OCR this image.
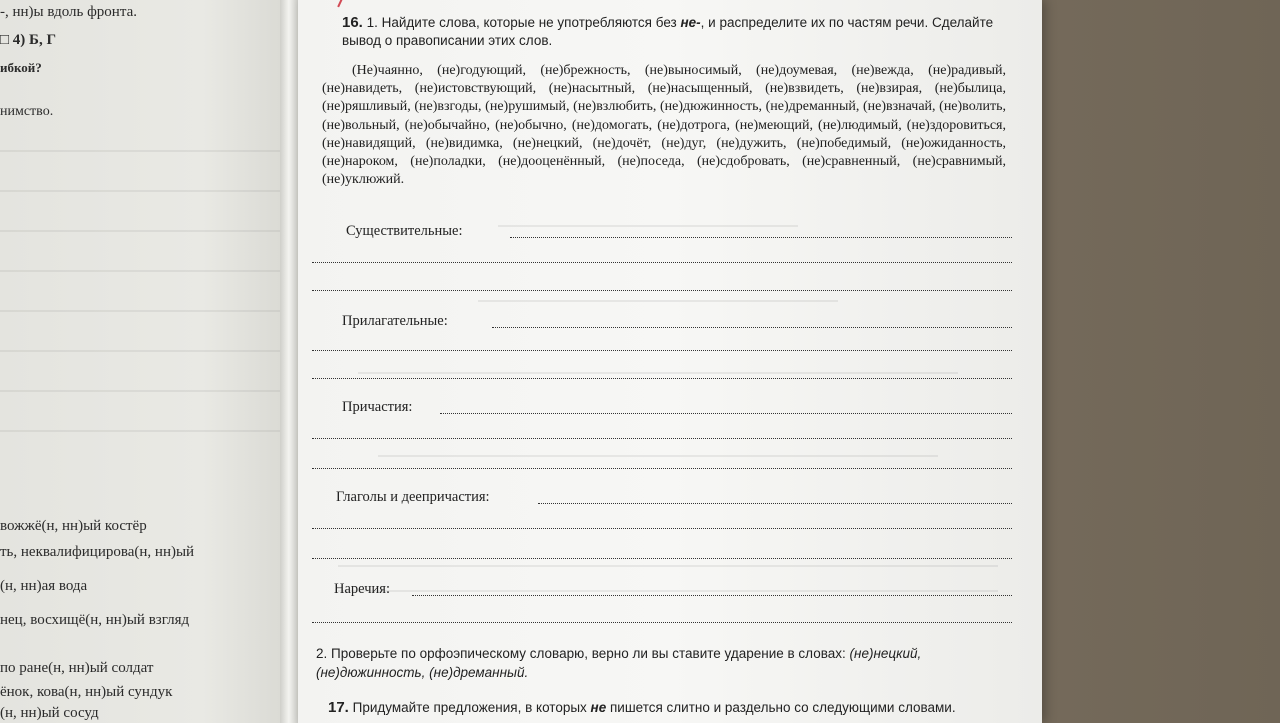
-, нн)ы вдоль фронта.
□ 4) Б, Г
ибкой?
нимство.
вожжё(н, нн)ый костёр
ть, неквалифицирова(н, нн)ый
(н, нн)ая вода
нец, восхищё(н, нн)ый взгляд
по ране(н, нн)ый солдат
ёнок, кова(н, нн)ый сундук
(н, нн)ый сосуд
16. 1. Найдите слова, которые не употребляются без не-, и распределите их по частям речи. Сделайте вывод о правописании этих слов.
(Не)чаянно, (не)годующий, (не)брежность, (не)выносимый, (не)доумевая, (не)вежда, (не)радивый, (не)навидеть, (не)истовствующий, (не)насытный, (не)насыщенный, (не)взвидеть, (не)взирая, (не)былица, (не)ряшливый, (не)взгоды, (не)рушимый, (не)взлюбить, (не)дюжинность, (не)дреманный, (не)взначай, (не)волить, (не)вольный, (не)обычайно, (не)обычно, (не)домогать, (не)дотрога, (не)меющий, (не)людимый, (не)здоровиться, (не)навидящий, (не)видимка, (не)нецкий, (не)дочёт, (не)дуг, (не)дужить, (не)победимый, (не)ожиданность, (не)нароком, (не)поладки, (не)дооценённый, (не)поседа, (не)сдобровать, (не)сравненный, (не)сравнимый, (не)уклюжий.
Существительные:
Прилагательные:
Причастия:
Глаголы и деепричастия:
Наречия:
2. Проверьте по орфоэпическому словарю, верно ли вы ставите ударение в словах: (не)нецкий, (не)дюжинность, (не)дреманный.
17. Придумайте предложения, в которых не пишется слитно и раздельно со следующими словами.
